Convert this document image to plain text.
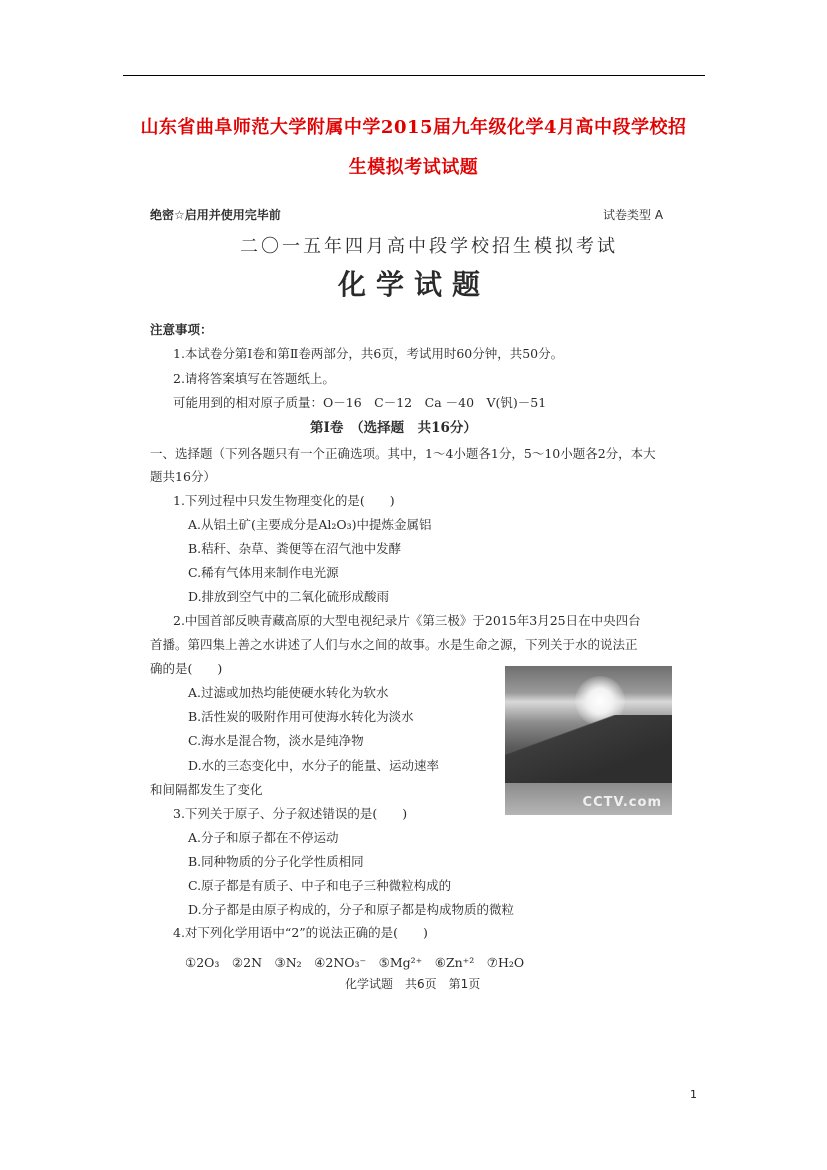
山东省曲阜师范大学附属中学2015届九年级化学4月高中段学校招
生模拟考试试题
绝密☆启用并使用完毕前	试卷类型 A
二〇一五年四月高中段学校招生模拟考试
化学试题
注意事项：
1.本试卷分第Ⅰ卷和第Ⅱ卷两部分，共6页，考试用时60分钟，共50分。
2.请将答案填写在答题纸上。
可能用到的相对原子质量：O－16　C－12　Ca －40　V(钒)－51
第Ⅰ卷　（选择题　共16分）
一、选择题（下列各题只有一个正确选项。其中，1～4小题各1分，5～10小题各2分，本大
题共16分）
1.下列过程中只发生物理变化的是(　　)
A.从铝土矿(主要成分是Al₂O₃)中提炼金属铝
B.秸秆、杂草、粪便等在沼气池中发酵
C.稀有气体用来制作电光源
D.排放到空气中的二氧化硫形成酸雨
2.中国首部反映青藏高原的大型电视纪录片《第三极》于2015年3月25日在中央四台
首播。第四集上善之水讲述了人们与水之间的故事。水是生命之源，下列关于水的说法正
确的是(　　)
A.过滤或加热均能使硬水转化为软水
B.活性炭的吸附作用可使海水转化为淡水
C.海水是混合物，淡水是纯净物
D.水的三态变化中，水分子的能量、运动速率
和间隔都发生了变化
CCTV.com
3.下列关于原子、分子叙述错误的是(　　)
A.分子和原子都在不停运动
B.同种物质的分子化学性质相同
C.原子都是有质子、中子和电子三种微粒构成的
D.分子都是由原子构成的，分子和原子都是构成物质的微粒
4.对下列化学用语中“2”的说法正确的是(　　)
①2O₃　②2N　③N₂　④2NO₃⁻　⑤Mg²⁺　⑥Zn⁺²　⑦H₂O
化学试题　共6页　第1页
1
